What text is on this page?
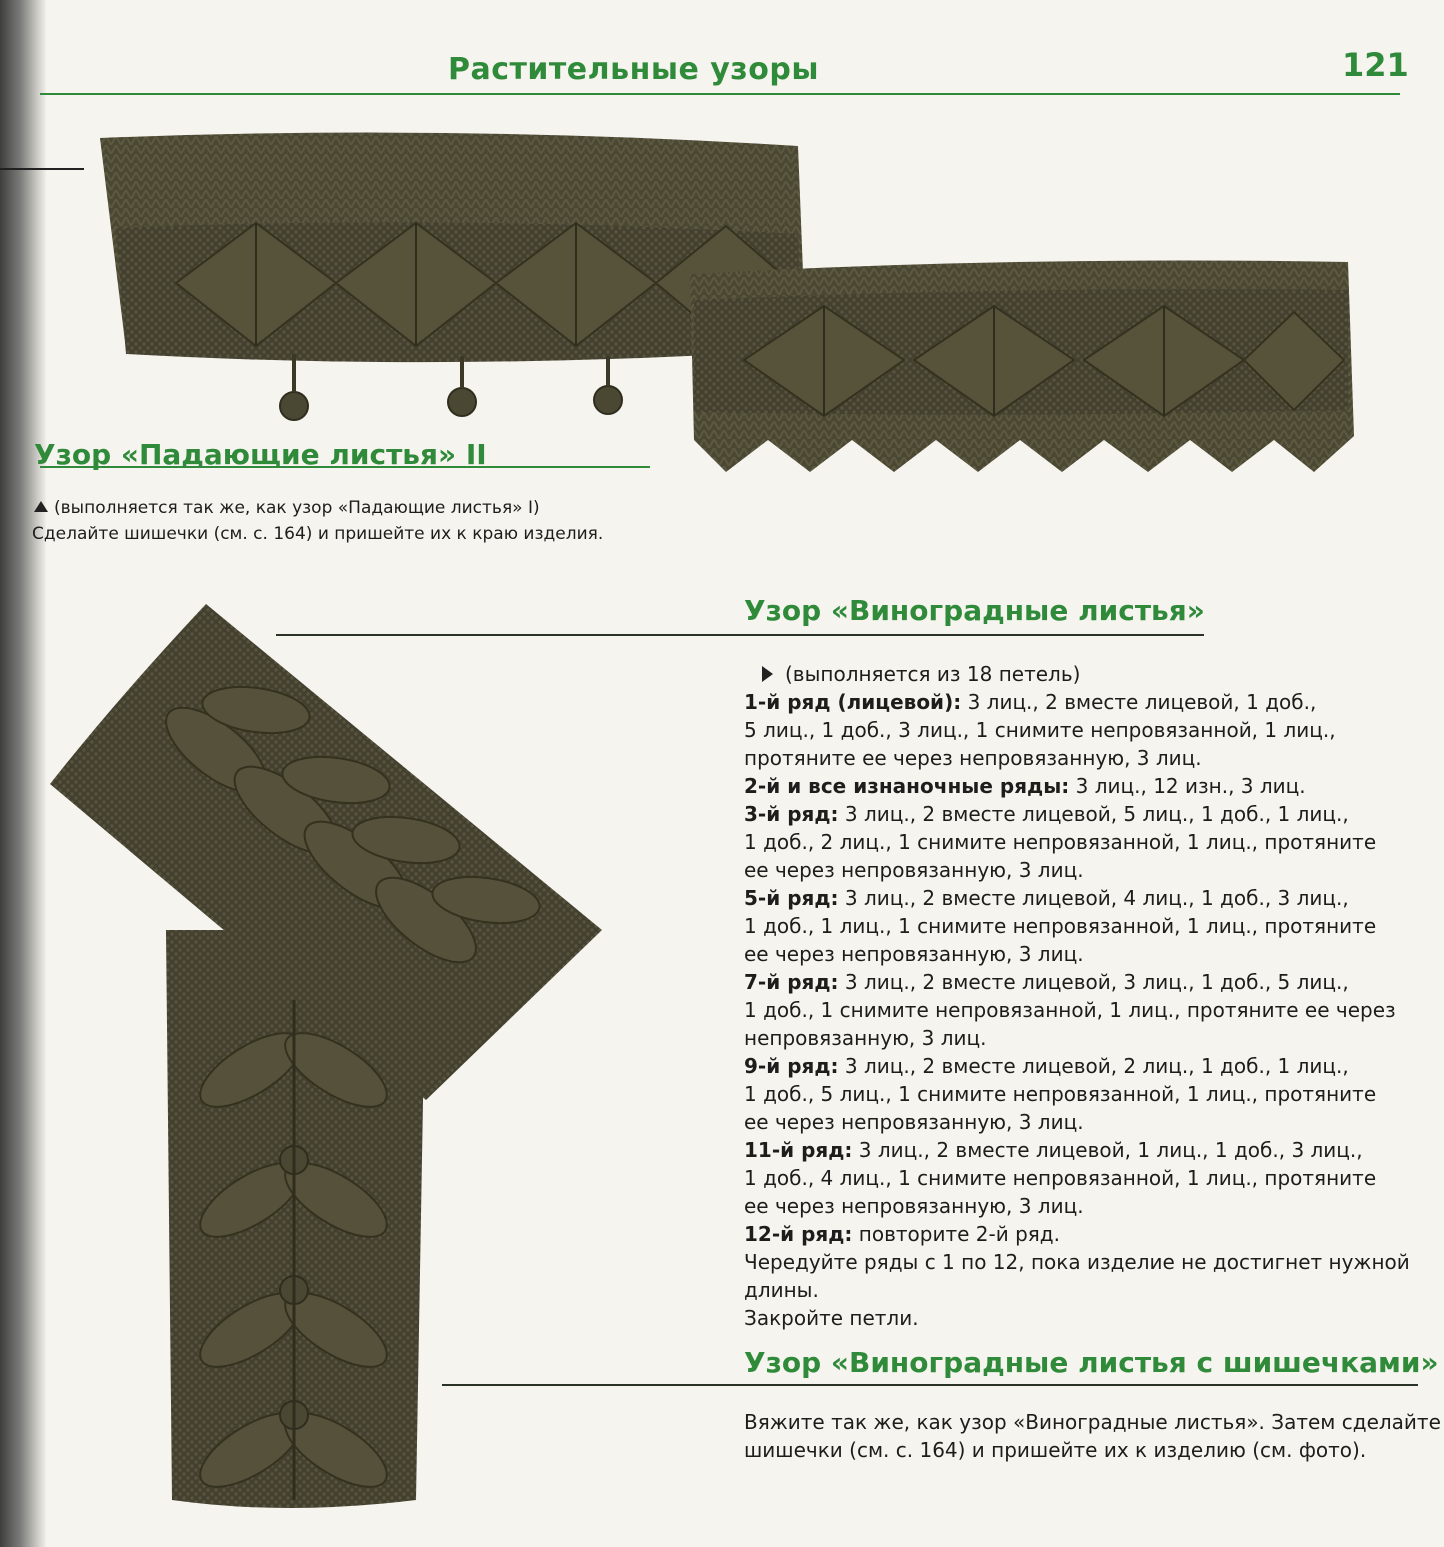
Растительные узоры	121
Узор «Падающие листья» II
(выполняется так же, как узор «Падающие листья» I)
Сделайте шишечки (см. с. 164) и пришейте их к краю изделия.
Узор «Виноградные листья»
(выполняется из 18 петель)
1-й ряд (лицевой): 3 лиц., 2 вместе лицевой, 1 доб.,
5 лиц., 1 доб., 3 лиц., 1 снимите непровязанной, 1 лиц.,
протяните ее через непровязанную, 3 лиц.
2-й и все изнаночные ряды: 3 лиц., 12 изн., 3 лиц.
3-й ряд: 3 лиц., 2 вместе лицевой, 5 лиц., 1 доб., 1 лиц.,
1 доб., 2 лиц., 1 снимите непровязанной, 1 лиц., протяните
ее через непровязанную, 3 лиц.
5-й ряд: 3 лиц., 2 вместе лицевой, 4 лиц., 1 доб., 3 лиц.,
1 доб., 1 лиц., 1 снимите непровязанной, 1 лиц., протяните
ее через непровязанную, 3 лиц.
7-й ряд: 3 лиц., 2 вместе лицевой, 3 лиц., 1 доб., 5 лиц.,
1 доб., 1 снимите непровязанной, 1 лиц., протяните ее через
непровязанную, 3 лиц.
9-й ряд: 3 лиц., 2 вместе лицевой, 2 лиц., 1 доб., 1 лиц.,
1 доб., 5 лиц., 1 снимите непровязанной, 1 лиц., протяните
ее через непровязанную, 3 лиц.
11-й ряд: 3 лиц., 2 вместе лицевой, 1 лиц., 1 доб., 3 лиц.,
1 доб., 4 лиц., 1 снимите непровязанной, 1 лиц., протяните
ее через непровязанную, 3 лиц.
12-й ряд: повторите 2-й ряд.
Чередуйте ряды с 1 по 12, пока изделие не достигнет нужной
длины.
Закройте петли.
Узор «Виноградные листья с шишечками»
Вяжите так же, как узор «Виноградные листья». Затем сделайте
шишечки (см. с. 164) и пришейте их к изделию (см. фото).
